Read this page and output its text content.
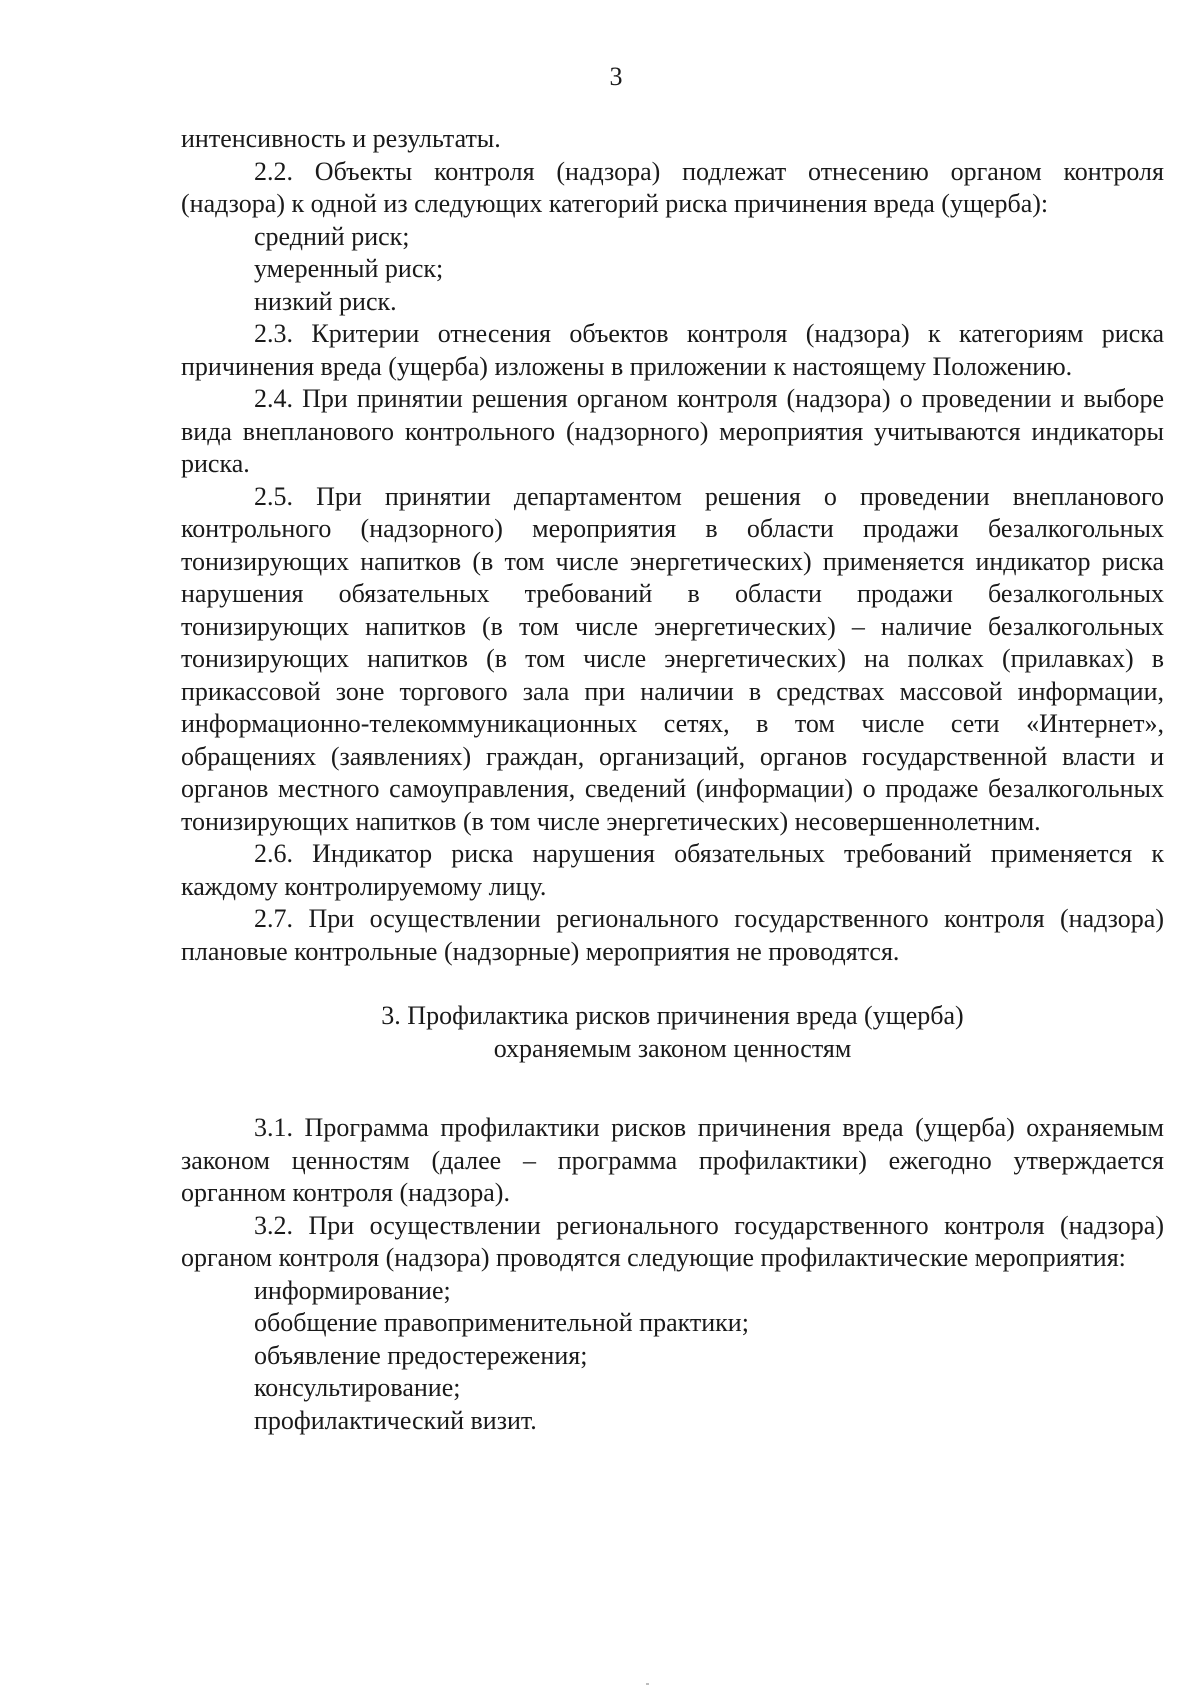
3

интенсивность и результаты.

2.2. Объекты контроля (надзора) подлежат отнесению органом контроля (надзора) к одной из следующих категорий риска причинения вреда (ущерба):

средний риск;

умеренный риск;

низкий риск.

2.3. Критерии отнесения объектов контроля (надзора) к категориям риска причинения вреда (ущерба) изложены в приложении к настоящему Положению.

2.4. При принятии решения органом контроля (надзора) о проведении и выборе вида внепланового контрольного (надзорного) мероприятия учитываются индикаторы риска.

2.5. При принятии департаментом решения о проведении внепланового контрольного (надзорного) мероприятия в области продажи безалкогольных тонизирующих напитков (в том числе энергетических) применяется индикатор риска нарушения обязательных требований в области продажи безалкогольных тонизирующих напитков (в том числе энергетических) – наличие безалкогольных тонизирующих напитков (в том числе энергетических) на полках (прилавках) в прикассовой зоне торгового зала при наличии в средствах массовой информации, информационно-телекоммуникационных сетях, в том числе сети «Интернет», обращениях (заявлениях) граждан, организаций, органов государственной власти и органов местного самоуправления, сведений (информации) о продаже безалкогольных тонизирующих напитков (в том числе энергетических) несовершеннолетним.

2.6. Индикатор риска нарушения обязательных требований применяется к каждому контролируемому лицу.

2.7. При осуществлении регионального государственного контроля (надзора) плановые контрольные (надзорные) мероприятия не проводятся.

3. Профилактика рисков причинения вреда (ущерба)

охраняемым законом ценностям

3.1. Программа профилактики рисков причинения вреда (ущерба) охраняемым законом ценностям (далее – программа профилактики) ежегодно утверждается органном контроля (надзора).

3.2. При осуществлении регионального государственного контроля (надзора) органом контроля (надзора) проводятся следующие профилактические мероприятия:

информирование;

обобщение правоприменительной практики;

объявление предостережения;

консультирование;

профилактический визит.
